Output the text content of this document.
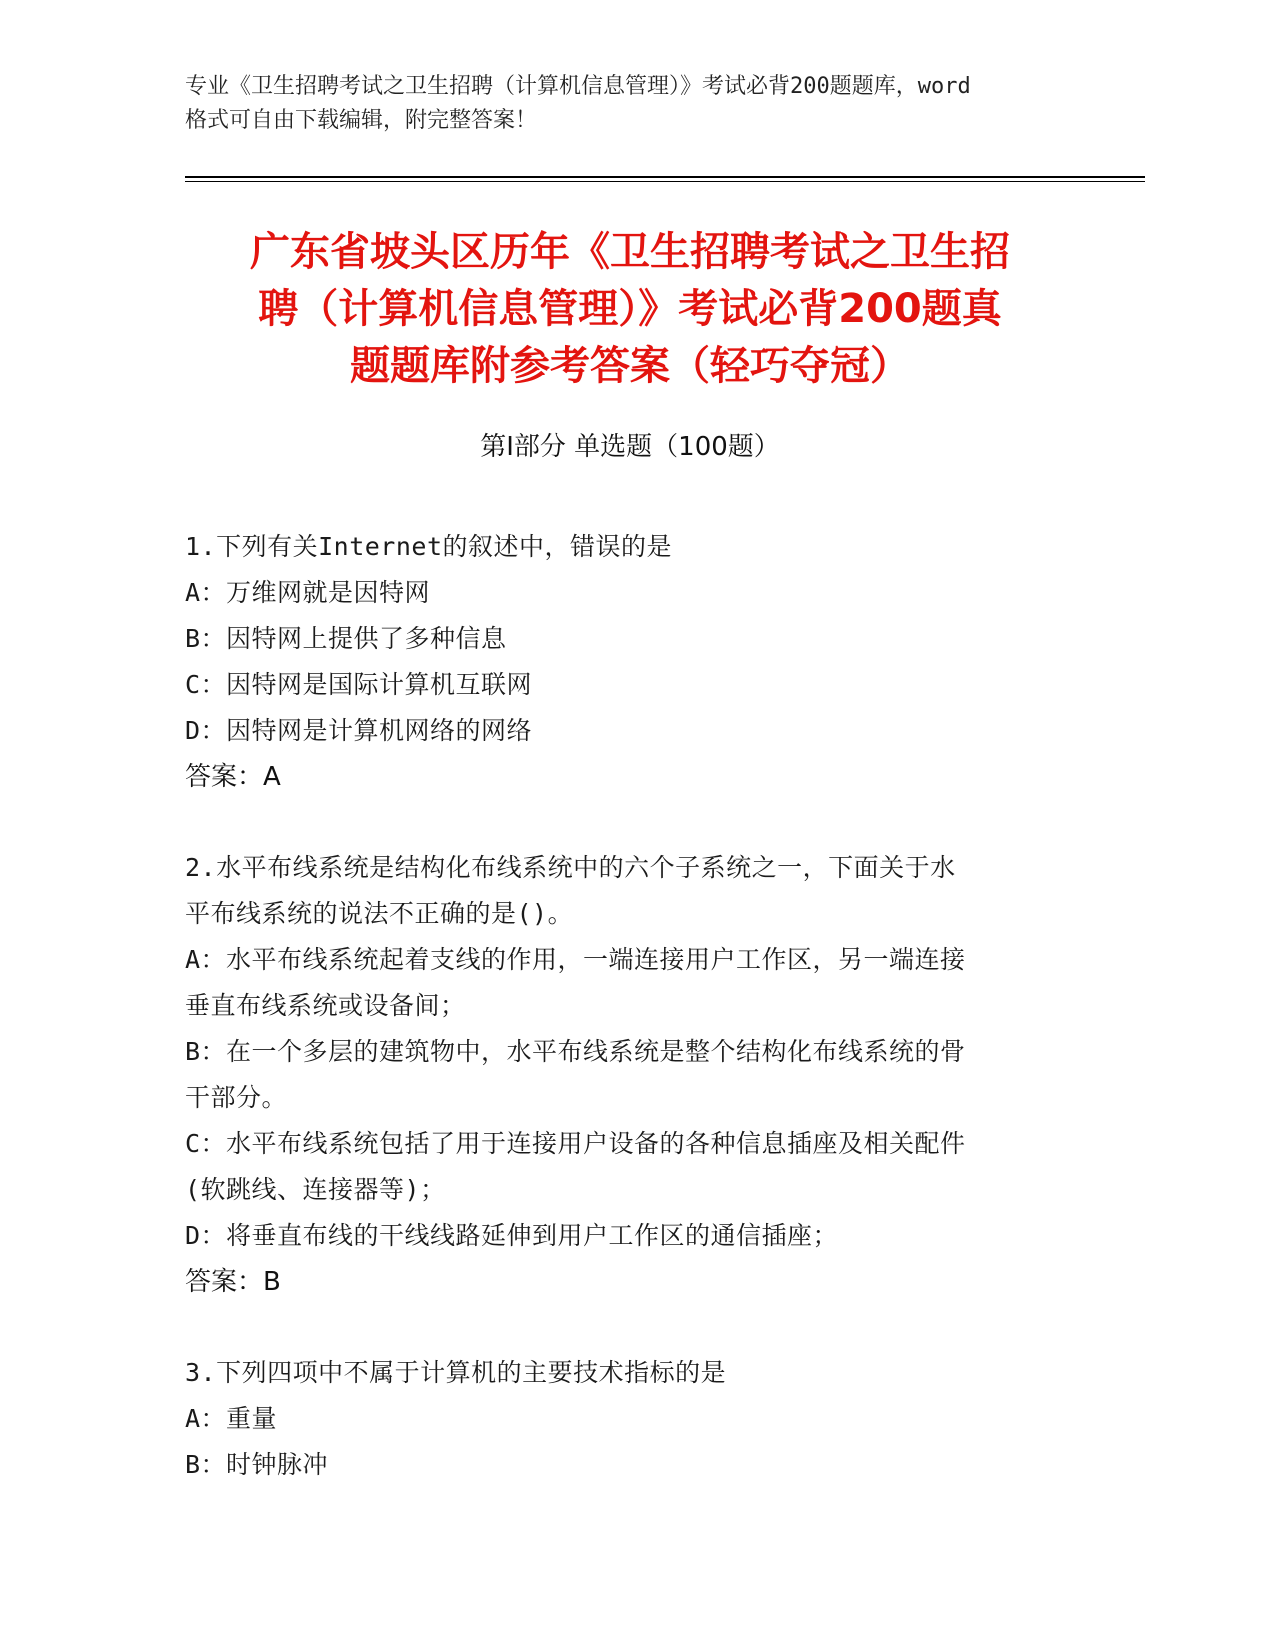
专业《卫生招聘考试之卫生招聘（计算机信息管理）》考试必背200题题库，word

格式可自由下载编辑，附完整答案！

广东省坡头区历年《卫生招聘考试之卫生招

聘（计算机信息管理）》考试必背200题真

题题库附参考答案（轻巧夺冠）

第Ⅰ部分 单选题（100题）

1.下列有关Internet的叙述中，错误的是

A：万维网就是因特网

B：因特网上提供了多种信息

C：因特网是国际计算机互联网

D：因特网是计算机网络的网络

答案：A

2.水平布线系统是结构化布线系统中的六个子系统之一，下面关于水

平布线系统的说法不正确的是()。

A：水平布线系统起着支线的作用，一端连接用户工作区，另一端连接

垂直布线系统或设备间；

B：在一个多层的建筑物中，水平布线系统是整个结构化布线系统的骨

干部分。

C：水平布线系统包括了用于连接用户设备的各种信息插座及相关配件

(软跳线、连接器等)；

D：将垂直布线的干线线路延伸到用户工作区的通信插座；

答案：B

3.下列四项中不属于计算机的主要技术指标的是

A：重量

B：时钟脉冲
